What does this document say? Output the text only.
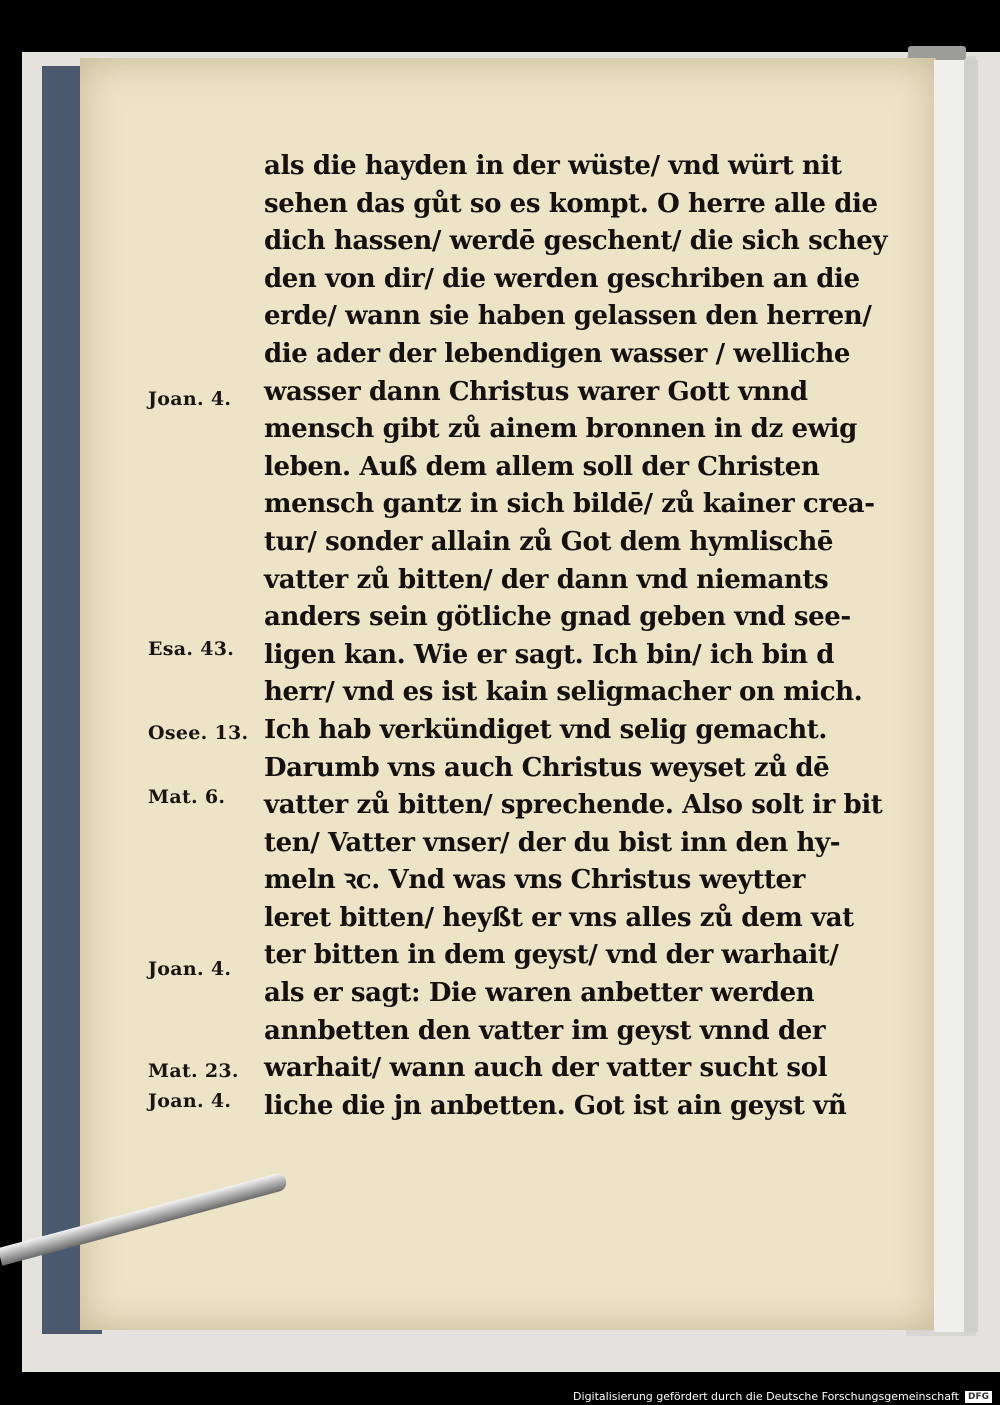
als die hayden in der wüste/ vnd würt nit
sehen das gůt so es kompt. O herre alle die
dich hassen/ werdē geschent/ die sich schey
den von dir/ die werden geschriben an die
erde/ wann sie haben gelassen den herren/
die ader der lebendigen wasser / welliche
wasser dann Christus warer Gott vnnd
mensch gibt zů ainem bronnen in dz ewig
leben. Auß dem allem soll der Christen
mensch gantz in sich bildē/ zů kainer crea-
tur/ sonder allain zů Got dem hymlischē
vatter zů bitten/ der dann vnd niemants
anders sein götliche gnad geben vnd see-
ligen kan. Wie er sagt. Ich bin/ ich bin d
herr/ vnd es ist kain seligmacher on mich.
Ich hab verkündiget vnd selig gemacht.
Darumb vns auch Christus weyset zů dē
vatter zů bitten/ sprechende. Also solt ir bit
ten/ Vatter vnser/ der du bist inn den hy-
meln ꝛc. Vnd was vns Christus weytter
leret bitten/ heyßt er vns alles zů dem vat
ter bitten in dem geyst/ vnd der warhait/
als er sagt: Die waren anbetter werden
annbetten den vatter im geyst vnnd der
warhait/ wann auch der vatter sucht sol
liche die jn anbetten. Got ist ain geyst vñ
Joan. 4.
Esa. 43.
Osee. 13.
Mat. 6.
Joan. 4.
Mat. 23.
Joan. 4.
Digitalisierung gefördert durch die Deutsche Forschungsgemeinschaft	DFG
